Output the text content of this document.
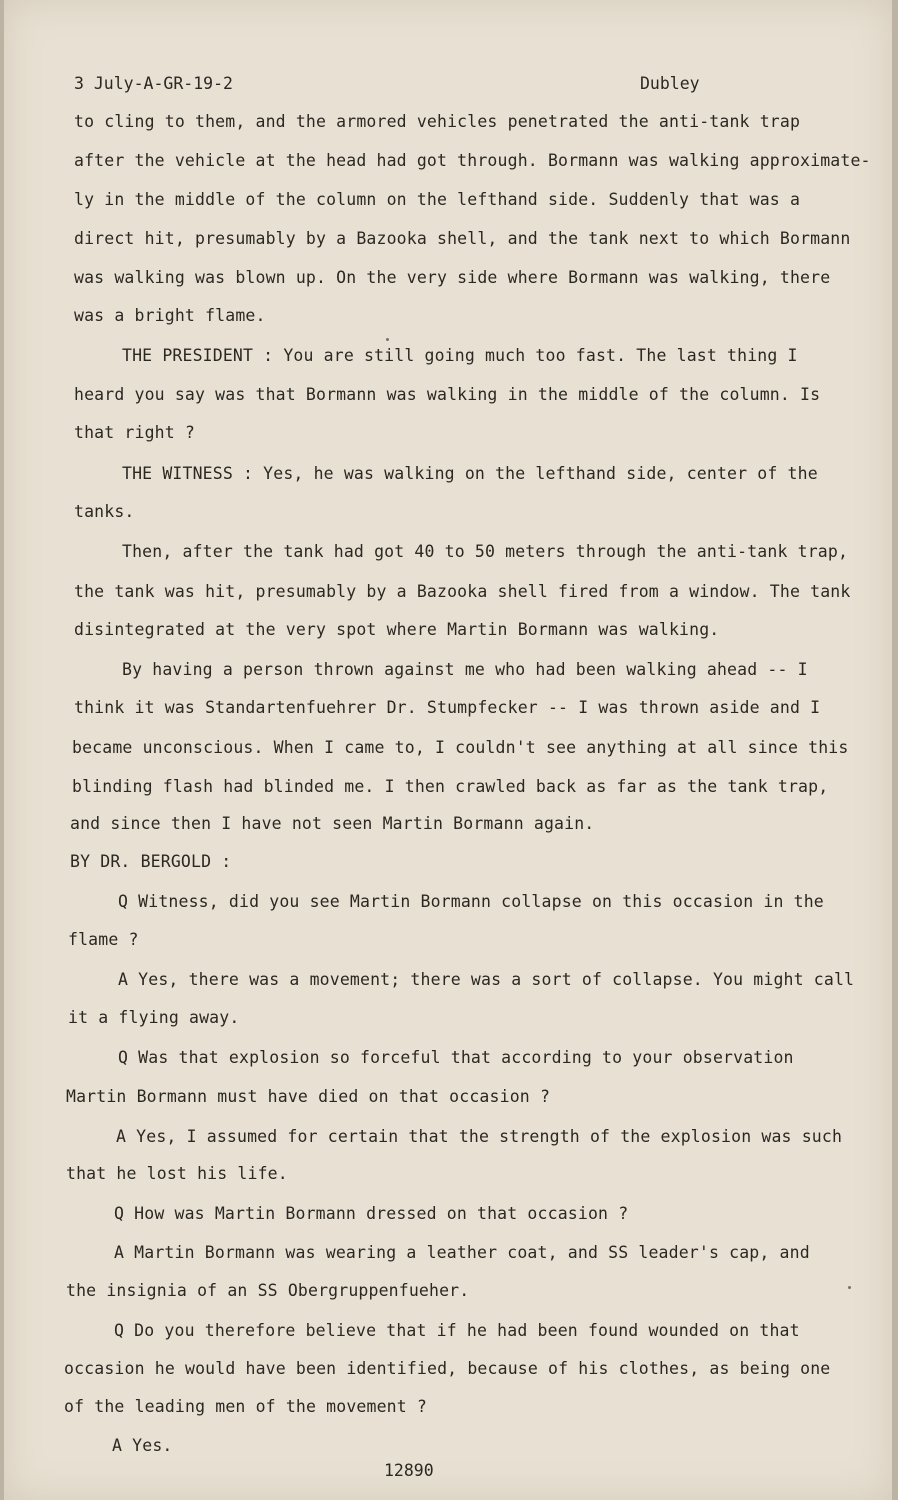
3 July-A-GR-19-2	Dubley
to cling to them, and the armored vehicles penetrated the anti-tank trap
after the vehicle at the head had got through. Bormann was walking approximate-
ly in the middle of the column on the lefthand side. Suddenly that was a
direct hit, presumably by a Bazooka shell, and the tank next to which Bormann
was walking was blown up. On the very side where Bormann was walking, there
was a bright flame.
THE PRESIDENT : You are still going much too fast. The last thing I
heard you say was that Bormann was walking in the middle of the column. Is
that right ?
THE WITNESS : Yes, he was walking on the lefthand side, center of the
tanks.
Then, after the tank had got 40 to 50 meters through the anti-tank trap,
the tank was hit, presumably by a Bazooka shell fired from a window. The tank
disintegrated at the very spot where Martin Bormann was walking.
By having a person thrown against me who had been walking ahead -- I
think it was Standartenfuehrer Dr. Stumpfecker -- I was thrown aside and I
became unconscious. When I came to, I couldn't see anything at all since this
blinding flash had blinded me. I then crawled back as far as the tank trap,
and since then I have not seen Martin Bormann again.
BY DR. BERGOLD :
Q Witness, did you see Martin Bormann collapse on this occasion in the
flame ?
A Yes, there was a movement; there was a sort of collapse. You might call
it a flying away.
Q Was that explosion so forceful that according to your observation
Martin Bormann must have died on that occasion ?
A Yes, I assumed for certain that the strength of the explosion was such
that he lost his life.
Q How was Martin Bormann dressed on that occasion ?
A Martin Bormann was wearing a leather coat, and SS leader's cap, and
the insignia of an SS Obergruppenfueher.
Q Do you therefore believe that if he had been found wounded on that
occasion he would have been identified, because of his clothes, as being one
of the leading men of the movement ?
A Yes.
12890
